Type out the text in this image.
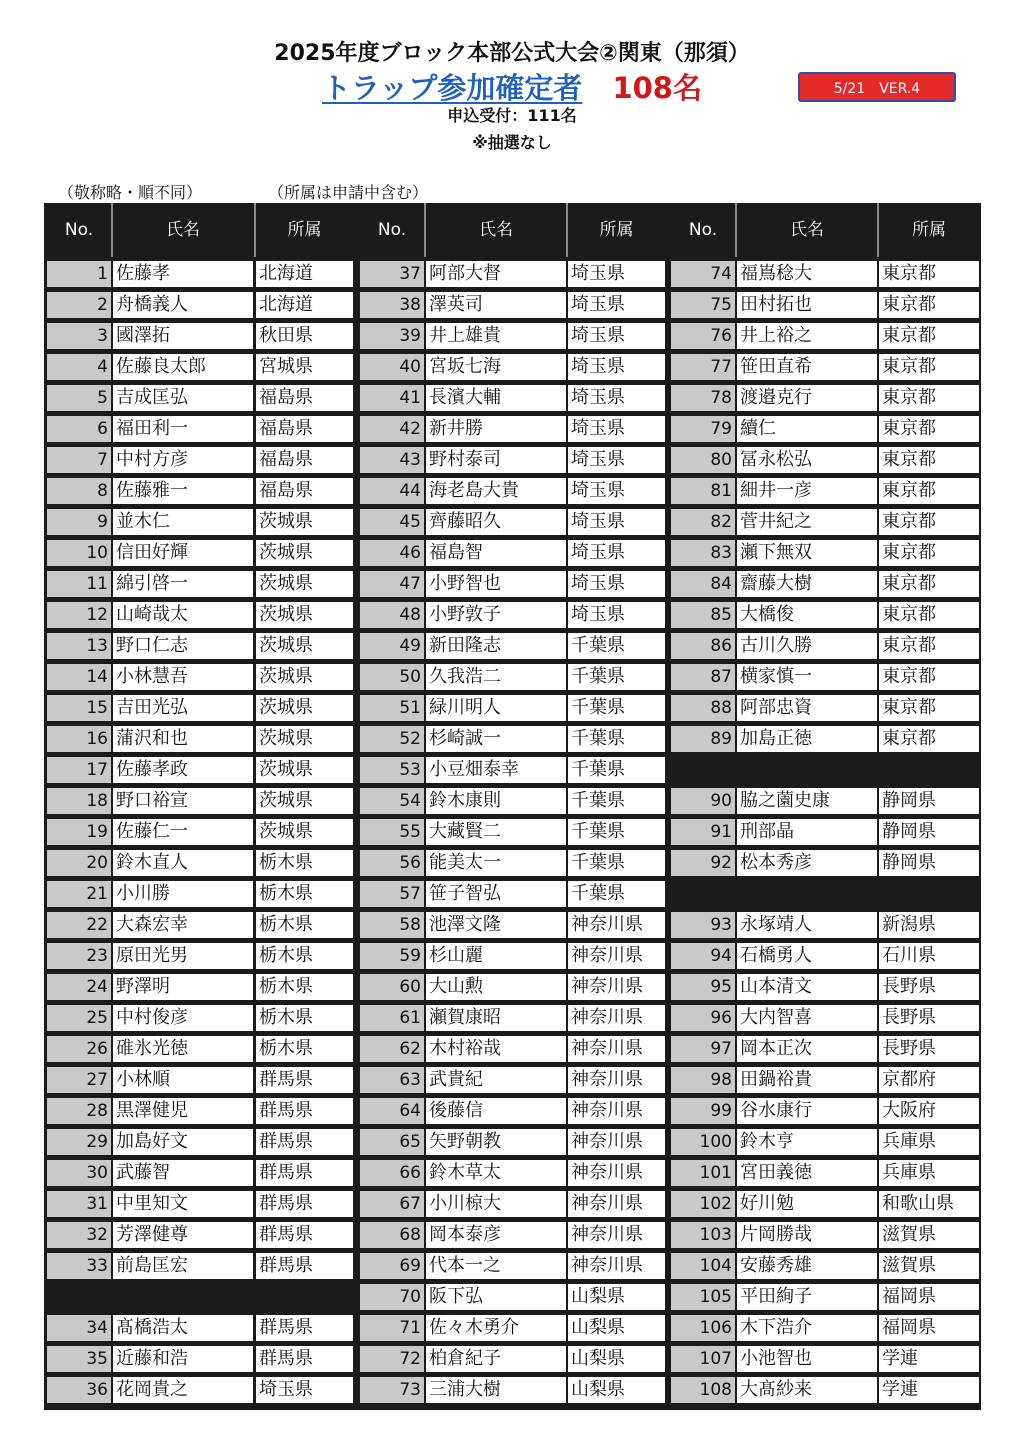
2025年度ブロック本部公式大会②関東（那須）
トラップ参加確定者 108名	5/21　VER.4
申込受付：111名
※抽選なし
（敬称略・順不同）	（所属は申請中含む）
No.	氏名	所属
1 佐藤孝	北海道
2 舟橋義人	北海道
3 國澤拓	秋田県
4 佐藤良太郎	宮城県
5 吉成匡弘	福島県
6 福田利一	福島県
7 中村方彦	福島県
8 佐藤雅一	福島県
9 並木仁	茨城県
10 信田好輝	茨城県
11 綿引啓一	茨城県
12 山崎哉太	茨城県
13 野口仁志	茨城県
14 小林慧吾	茨城県
15 吉田光弘	茨城県
16 蒲沢和也	茨城県
17 佐藤孝政	茨城県
18 野口裕宣	茨城県
19 佐藤仁一	茨城県
20 鈴木直人	栃木県
21 小川勝	栃木県
22 大森宏幸	栃木県
23 原田光男	栃木県
24 野澤明	栃木県
25 中村俊彦	栃木県
26 碓氷光徳	栃木県
27 小林順	群馬県
28 黒澤健児	群馬県
29 加島好文	群馬県
30 武藤智	群馬県
31 中里知文	群馬県
32 芳澤健尊	群馬県
33 前島匡宏	群馬県
34 髙橋浩太	群馬県
35 近藤和浩	群馬県
36 花岡貴之	埼玉県
No.	氏名	所属
37 阿部大督	埼玉県
38 澤英司	埼玉県
39 井上雄貴	埼玉県
40 宮坂七海	埼玉県
41 長濱大輔	埼玉県
42 新井勝	埼玉県
43 野村泰司	埼玉県
44 海老島大貴	埼玉県
45 齊藤昭久	埼玉県
46 福島智	埼玉県
47 小野智也	埼玉県
48 小野敦子	埼玉県
49 新田隆志	千葉県
50 久我浩二	千葉県
51 緑川明人	千葉県
52 杉崎誠一	千葉県
53 小豆畑泰幸	千葉県
54 鈴木康則	千葉県
55 大藏賢二	千葉県
56 能美太一	千葉県
57 笹子智弘	千葉県
58 池澤文隆	神奈川県
59 杉山麗	神奈川県
60 大山勲	神奈川県
61 瀬賀康昭	神奈川県
62 木村裕哉	神奈川県
63 武貴紀	神奈川県
64 後藤信	神奈川県
65 矢野朝教	神奈川県
66 鈴木草太	神奈川県
67 小川椋大	神奈川県
68 岡本泰彦	神奈川県
69 代本一之	神奈川県
70 阪下弘	山梨県
71 佐々木勇介	山梨県
72 柏倉紀子	山梨県
73 三浦大樹	山梨県
No.	氏名	所属
74 福嶌稔大	東京都
75 田村拓也	東京都
76 井上裕之	東京都
77 笹田直希	東京都
78 渡邉克行	東京都
79 續仁	東京都
80 冨永松弘	東京都
81 細井一彦	東京都
82 菅井紀之	東京都
83 瀬下無双	東京都
84 齋藤大樹	東京都
85 大橋俊	東京都
86 古川久勝	東京都
87 横家慎一	東京都
88 阿部忠資	東京都
89 加島正徳	東京都
90 脇之薗史康	静岡県
91 刑部晶	静岡県
92 松本秀彦	静岡県
93 永塚靖人	新潟県
94 石橋勇人	石川県
95 山本清文	長野県
96 大内智喜	長野県
97 岡本正次	長野県
98 田鍋裕貴	京都府
99 谷水康行	大阪府
100 鈴木亨	兵庫県
101 宮田義徳	兵庫県
102 好川勉	和歌山県
103 片岡勝哉	滋賀県
104 安藤秀雄	滋賀県
105 平田絢子	福岡県
106 木下浩介	福岡県
107 小池智也	学連
108 大髙紗来	学連
